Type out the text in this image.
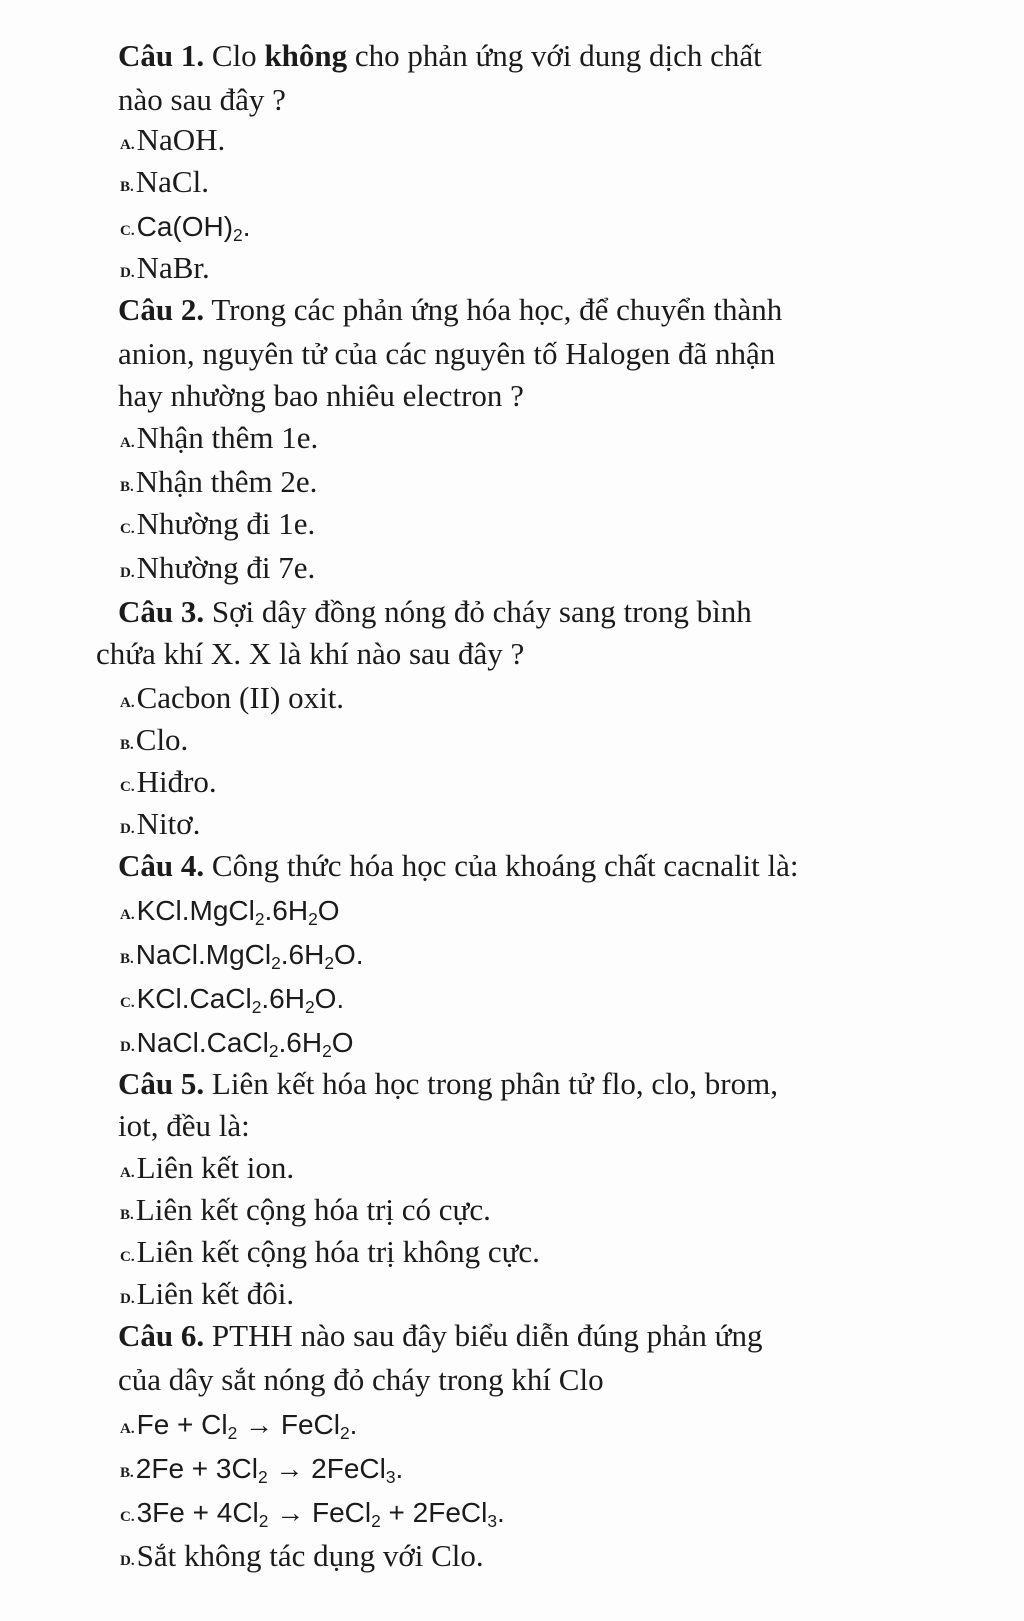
Câu 1. Clo không cho phản ứng với dung dịch chất
nào sau đây ?
A.NaOH.
B.NaCl.
$C.Ca(OH)_2$.
D.NaBr.
Câu 2. Trong các phản ứng hóa học, để chuyển thành
anion, nguyên tử của các nguyên tố Halogen đã nhận
hay nhường bao nhiêu electron ?
A.Nhận thêm 1e.
B.Nhận thêm 2e.
C.Nhường đi 1e.
D.Nhường đi 7e.
Câu 3. Sợi dây đồng nóng đỏ cháy sang trong bình
chứa khí X. X là khí nào sau đây ?
A.Cacbon (II) oxit.
B.Clo.
C.Hiđro.
D.Nitơ.
Câu 4. Công thức hóa học của khoáng chất cacnalit là:
$A.KCl.MgCl_2.6H_2O$
$B.NaCl.MgCl_2.6H_2O$.
$C.KCl.CaCl_2.6H_2O$.
$D.NaCl.CaCl_2.6H_2O$
Câu 5. Liên kết hóa học trong phân tử flo, clo, brom,
iot, đều là:
A.Liên kết ion.
B.Liên kết cộng hóa trị có cực.
C.Liên kết cộng hóa trị không cực.
D.Liên kết đôi.
Câu 6. PTHH nào sau đây biểu diễn đúng phản ứng
của dây sắt nóng đỏ cháy trong khí Clo
$A.Fe + Cl_2$ → FeCl$_2$.
$B.2Fe + 3Cl_2$ → 2FeCl$_3$.
$C.3Fe + 4Cl_2$ → FeCl$_2$ + 2FeCl$_3$.
D.Sắt không tác dụng với Clo.
